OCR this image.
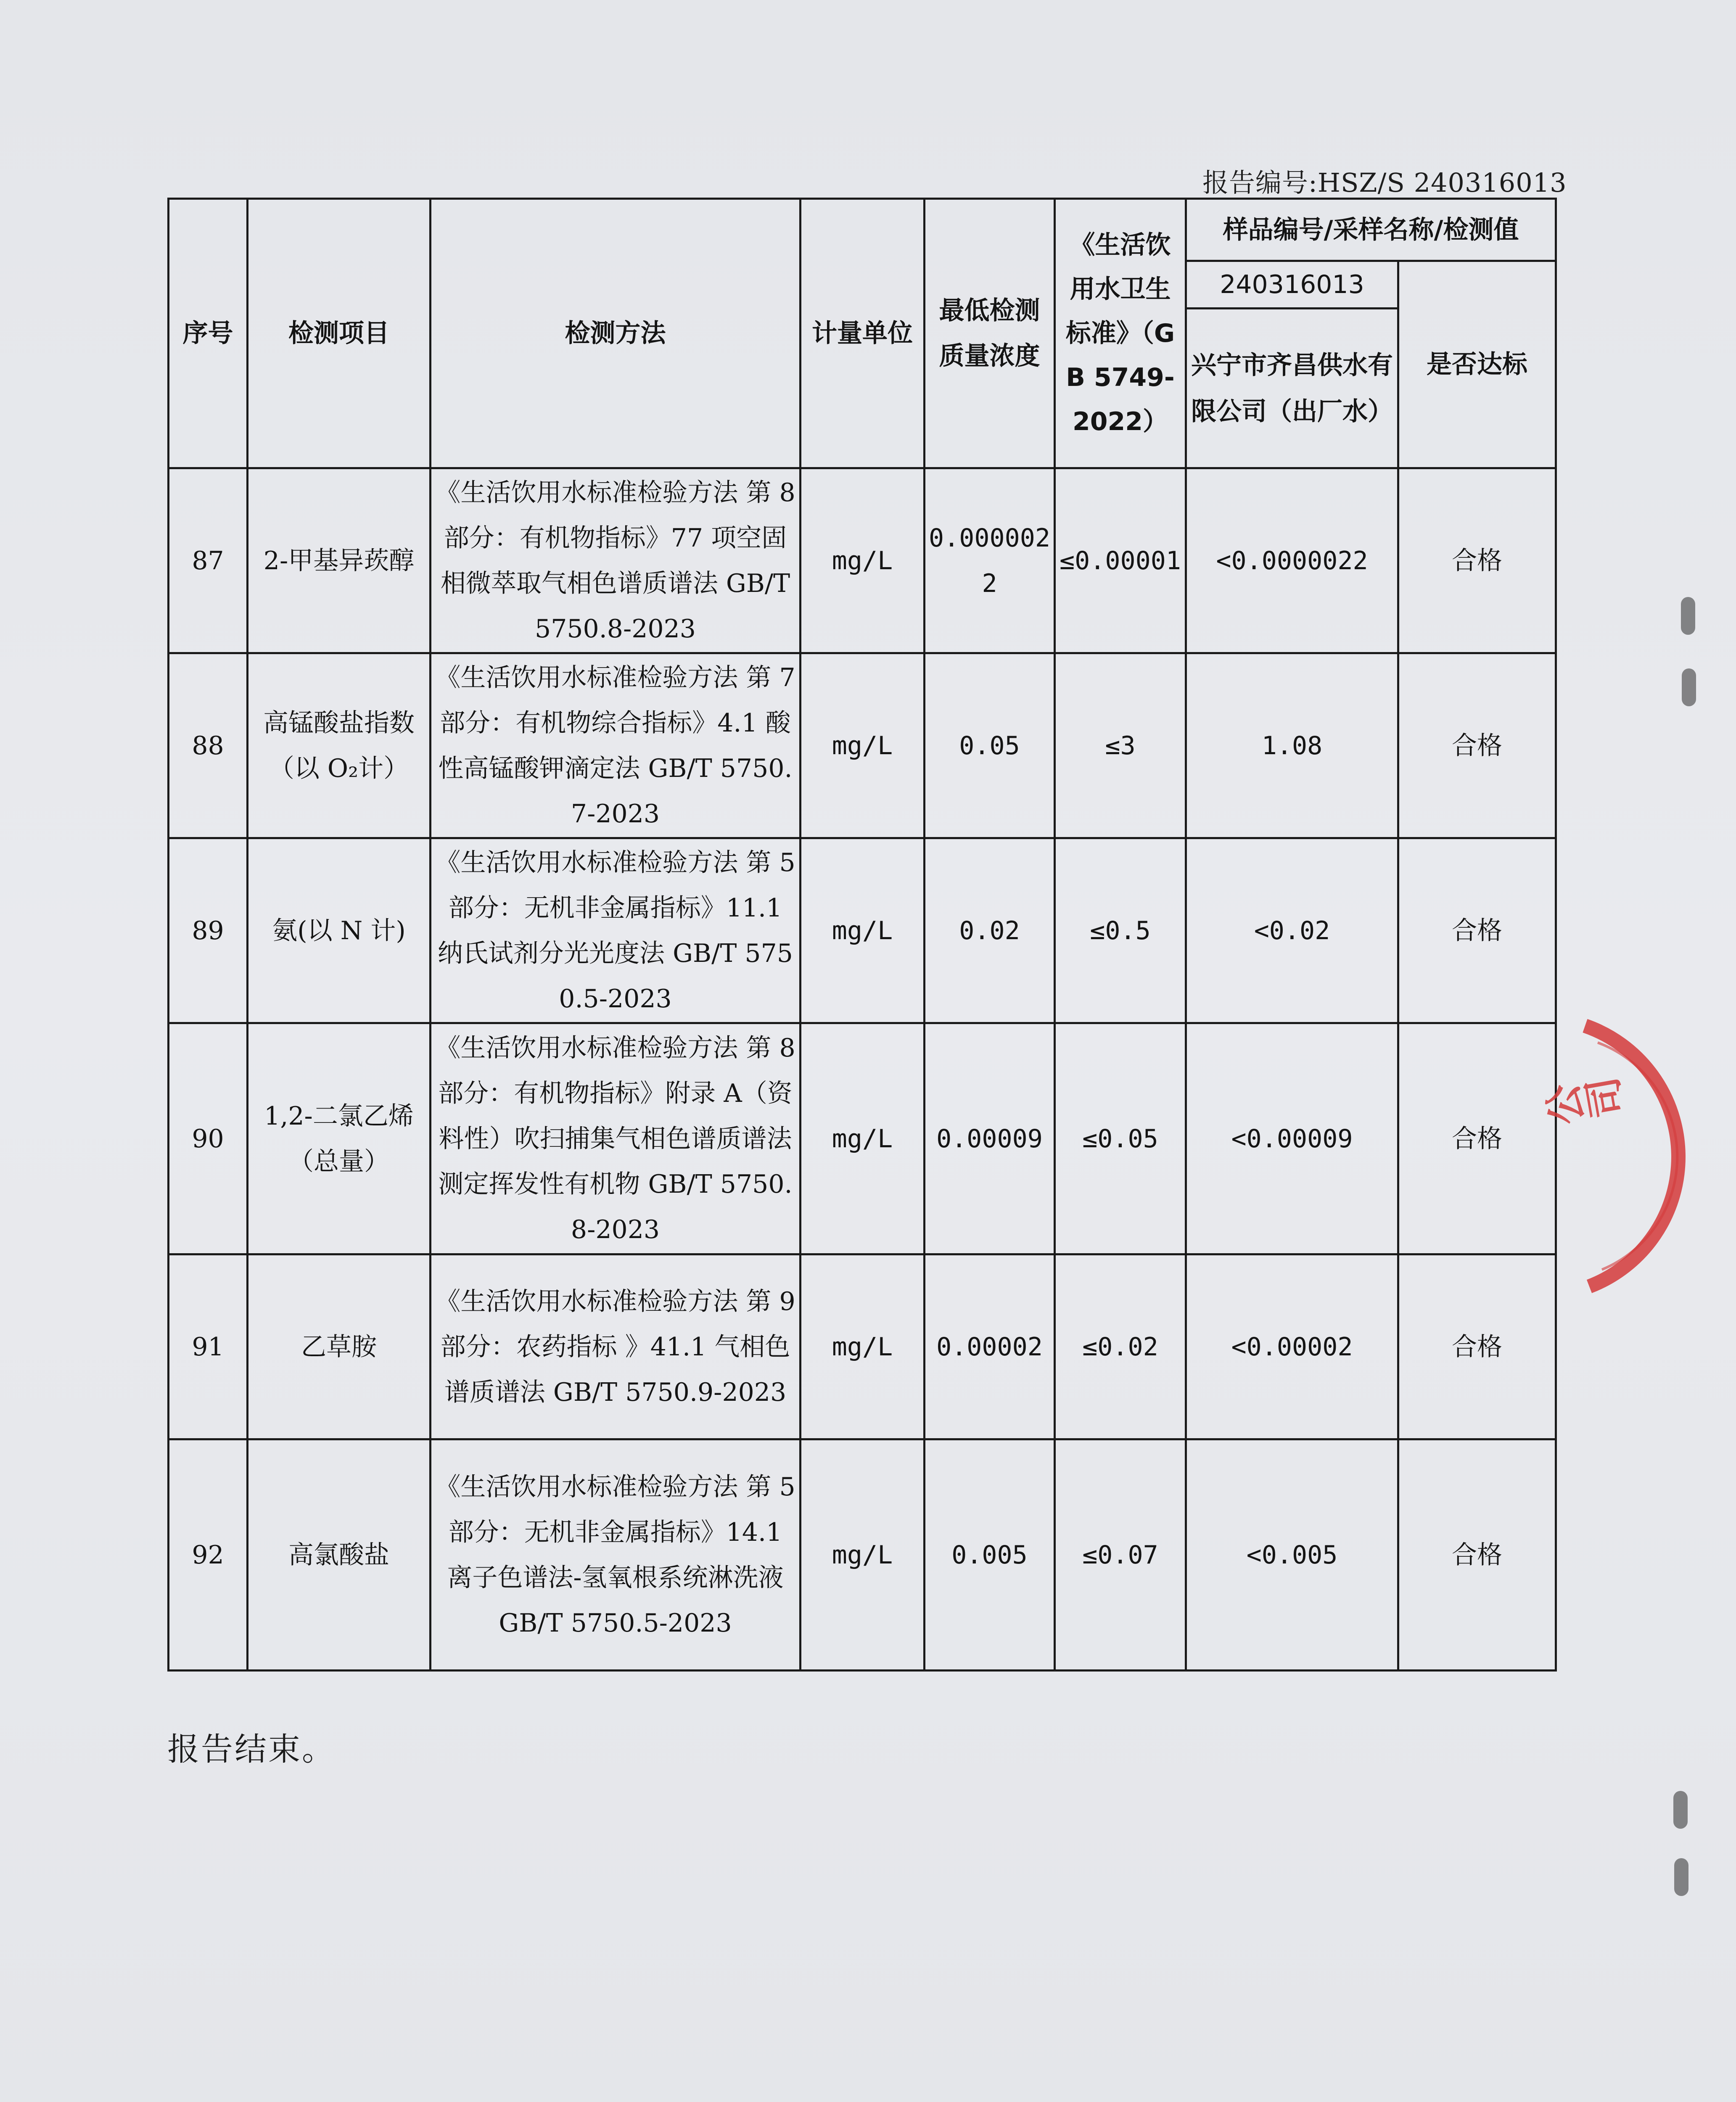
报告编号:HSZ/S 240316013
序号	检测项目	检测方法	计量单位	最低检测质量浓度	《生活饮用水卫生标准》（GB 5749-2022）	样品编号/采样名称/检测值	
						240316013	是否达标
						兴宁市齐昌供水有限公司（出厂水）	
87	2-甲基异莰醇	《生活饮用水标准检验方法 第 8 部分：有机物指标》77 项空固相微萃取气相色谱质谱法 GB/T 5750.8-2023	mg/L	0.0000022	≤0.00001	<0.0000022	合格
88	高锰酸盐指数（以 O₂计）	《生活饮用水标准检验方法 第 7 部分：有机物综合指标》4.1 酸性高锰酸钾滴定法 GB/T 5750.7-2023	mg/L	0.05	≤3	1.08	合格
89	氨(以 N 计)	《生活饮用水标准检验方法 第 5 部分：无机非金属指标》11.1 纳氏试剂分光光度法 GB/T 5750.5-2023	mg/L	0.02	≤0.5	<0.02	合格
90	1,2-二氯乙烯（总量）	《生活饮用水标准检验方法 第 8 部分：有机物指标》附录 A（资料性）吹扫捕集气相色谱质谱法测定挥发性有机物 GB/T 5750.8-2023	mg/L	0.00009	≤0.05	<0.00009	合格
91	乙草胺	《生活饮用水标准检验方法 第 9 部分：农药指标 》41.1 气相色谱质谱法 GB/T 5750.9-2023	mg/L	0.00002	≤0.02	<0.00002	合格
92	高氯酸盐	《生活饮用水标准检验方法 第 5 部分：无机非金属指标》14.1 离子色谱法-氢氧根系统淋洗液 GB/T 5750.5-2023	mg/L	0.005	≤0.07	<0.005	合格
报告结束。
公司
